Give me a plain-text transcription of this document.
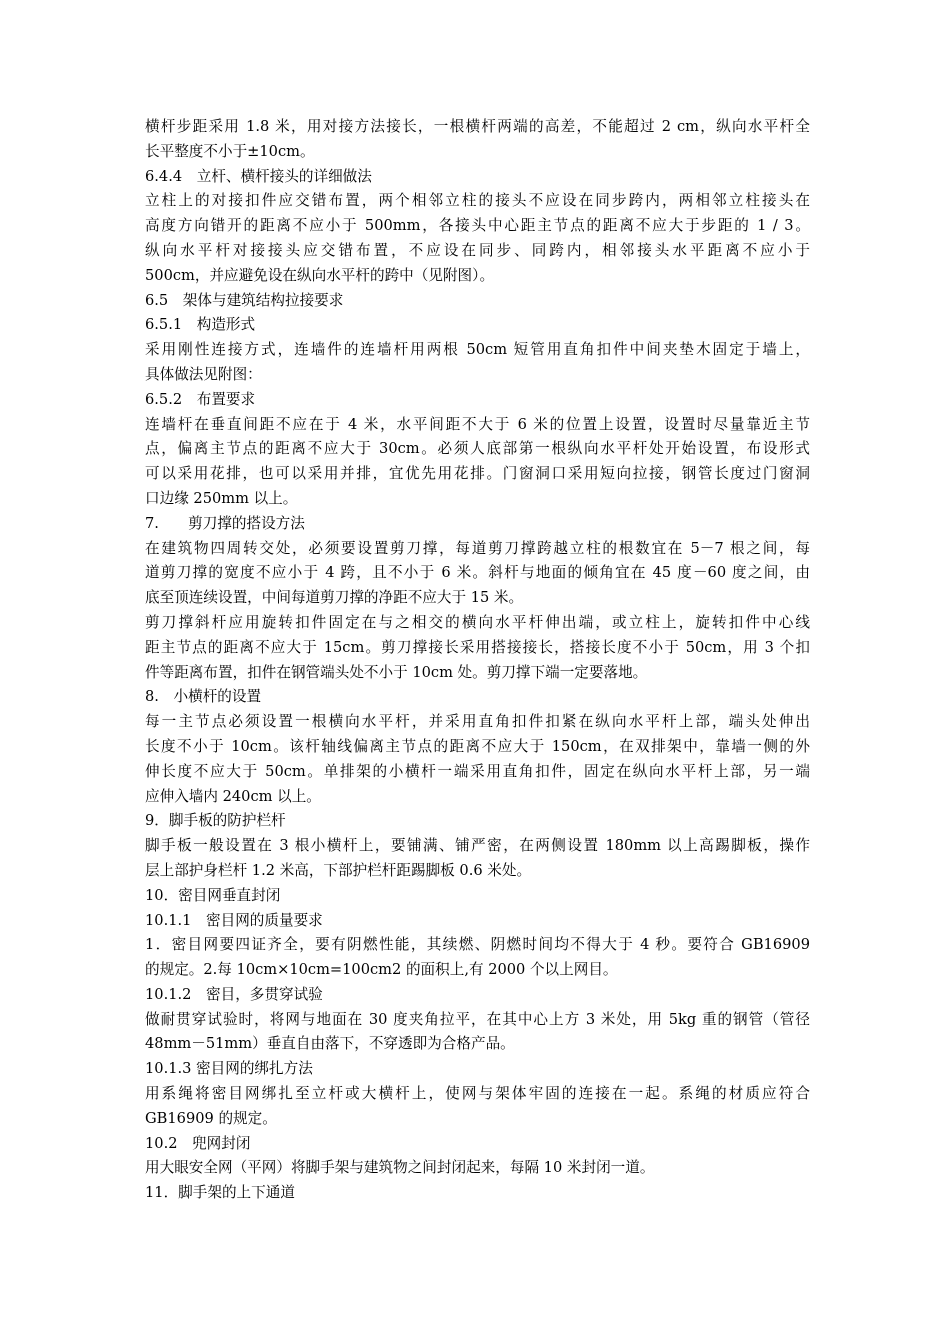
横杆步距采用 1.8 米，用对接方法接长，一根横杆两端的高差，不能超过 2 cm，纵向水平杆全

长平整度不小于±10cm。

6.4.4　立杆、横杆接头的详细做法

立柱上的对接扣件应交错布置，两个相邻立柱的接头不应设在同步跨内，两相邻立柱接头在

高度方向错开的距离不应小于 500mm，各接头中心距主节点的距离不应大于步距的 1 / 3。

纵向水平杆对接接头应交错布置，不应设在同步、同跨内，相邻接头水平距离不应小于

500cm，并应避免设在纵向水平杆的跨中（见附图）。

6.5　架体与建筑结构拉接要求

6.5.1　构造形式

采用刚性连接方式，连墙件的连墙杆用两根 50cm 短管用直角扣件中间夹垫木固定于墙上，

具体做法见附图：

6.5.2　布置要求

连墙杆在垂直间距不应在于 4 米，水平间距不大于 6 米的位置上设置，设置时尽量靠近主节

点，偏离主节点的距离不应大于 30cm。必须人底部第一根纵向水平杆处开始设置，布设形式

可以采用花排，也可以采用并排，宜优先用花排。门窗洞口采用短向拉接，钢管长度过门窗洞

口边缘 250mm 以上。

7.　　剪刀撑的搭设方法

在建筑物四周转交处，必须要设置剪刀撑，每道剪刀撑跨越立柱的根数宜在 5－7 根之间，每

道剪刀撑的宽度不应小于 4 跨，且不小于 6 米。斜杆与地面的倾角宜在 45 度－60 度之间，由

底至顶连续设置，中间每道剪刀撑的净距不应大于 15 米。

剪刀撑斜杆应用旋转扣件固定在与之相交的横向水平杆伸出端，或立柱上，旋转扣件中心线

距主节点的距离不应大于 15cm。剪刀撑接长采用搭接接长，搭接长度不小于 50cm，用 3 个扣

件等距离布置，扣件在钢管端头处不小于 10cm 处。剪刀撑下端一定要落地。

8.　小横杆的设置

每一主节点必须设置一根横向水平杆，并采用直角扣件扣紧在纵向水平杆上部，端头处伸出

长度不小于 10cm。该杆轴线偏离主节点的距离不应大于 150cm，在双排架中，靠墙一侧的外

伸长度不应大于 50cm。单排架的小横杆一端采用直角扣件，固定在纵向水平杆上部，另一端

应伸入墙内 240cm 以上。

9．脚手板的防护栏杆

脚手板一般设置在 3 根小横杆上，要铺满、铺严密，在两侧设置 180mm 以上高踢脚板，操作

层上部护身栏杆 1.2 米高，下部护栏杆距踢脚板 0.6 米处。

10．密目网垂直封闭

10.1.1　密目网的质量要求

1．密目网要四证齐全，要有阴燃性能，其续燃、阴燃时间均不得大于 4 秒。要符合 GB16909

的规定。2.每 10cm×10cm=100cm2 的面积上,有 2000 个以上网目。

10.1.2　密目，多贯穿试验

做耐贯穿试验时，将网与地面在 30 度夹角拉平，在其中心上方 3 米处，用 5kg 重的钢管（管径

48mm－51mm）垂直自由落下，不穿透即为合格产品。

10.1.3 密目网的绑扎方法

用系绳将密目网绑扎至立杆或大横杆上，使网与架体牢固的连接在一起。系绳的材质应符合

GB16909 的规定。

10.2　兜网封闭

用大眼安全网（平网）将脚手架与建筑物之间封闭起来，每隔 10 米封闭一道。

11．脚手架的上下通道
